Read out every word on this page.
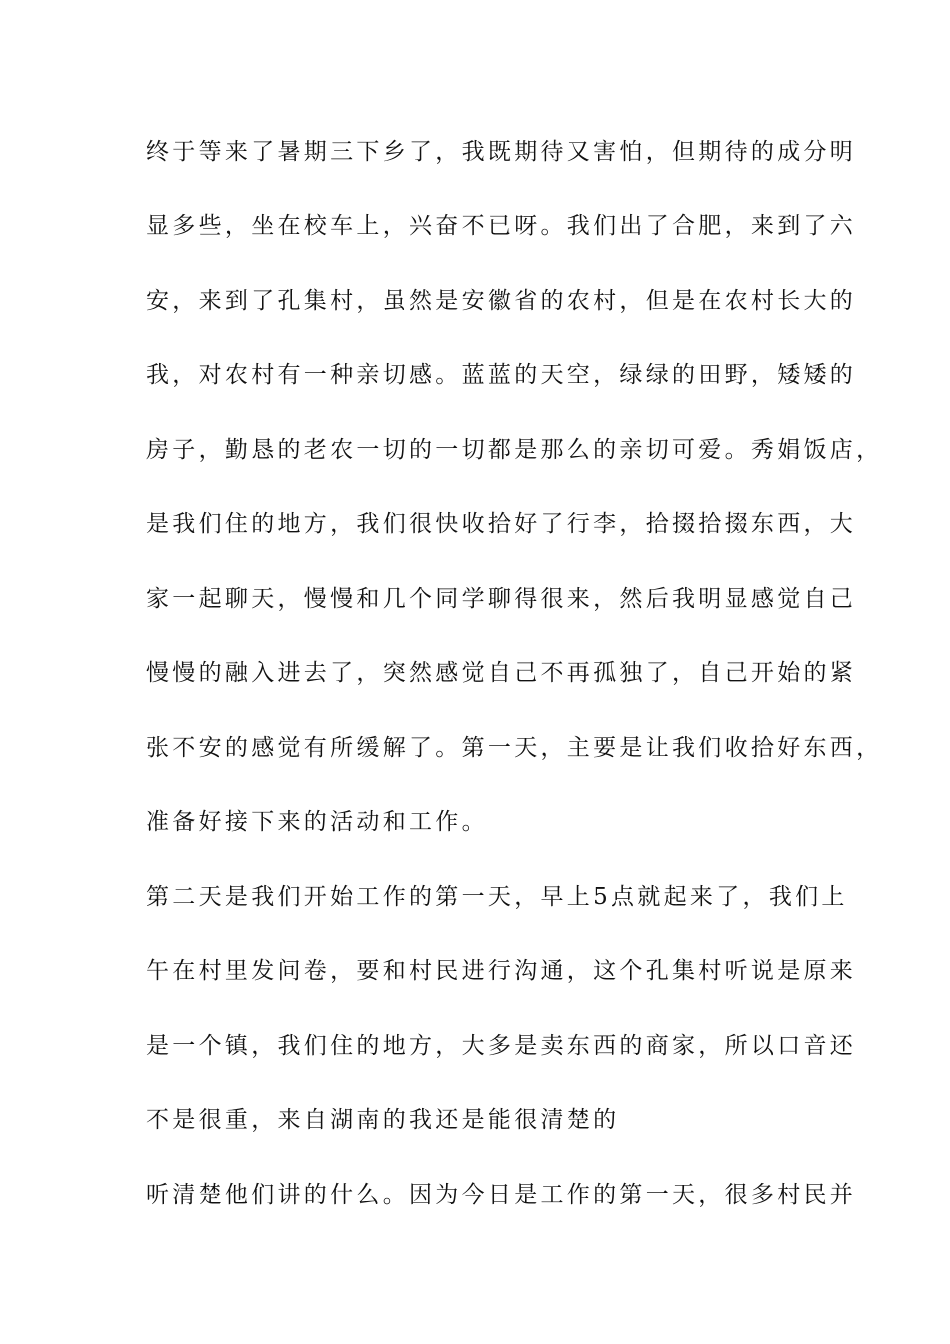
终于等来了暑期三下乡了，我既期待又害怕，但期待的成分明
显多些，坐在校车上，兴奋不已呀。我们出了合肥，来到了六
安，来到了孔集村，虽然是安徽省的农村，但是在农村长大的
我，对农村有一种亲切感。蓝蓝的天空，绿绿的田野，矮矮的
房子，勤恳的老农一切的一切都是那么的亲切可爱。秀娟饭店，
是我们住的地方，我们很快收拾好了行李，拾掇拾掇东西，大
家一起聊天，慢慢和几个同学聊得很来，然后我明显感觉自己
慢慢的融入进去了，突然感觉自己不再孤独了，自己开始的紧
张不安的感觉有所缓解了。第一天，主要是让我们收拾好东西，
准备好接下来的活动和工作。
第二天是我们开始工作的第一天，早上5点就起来了，我们上
午在村里发问卷，要和村民进行沟通，这个孔集村听说是原来
是一个镇，我们住的地方，大多是卖东西的商家，所以口音还
不是很重，来自湖南的我还是能很清楚的
听清楚他们讲的什么。因为今日是工作的第一天，很多村民并
